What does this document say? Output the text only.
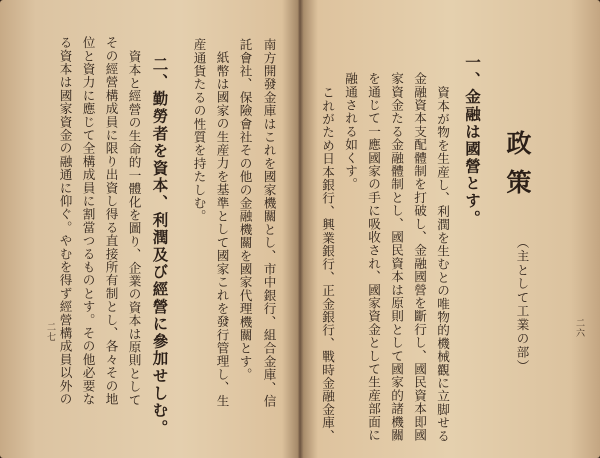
二六
政策
（主として工業の部）
一、金融は國營とす。
資本が物を生産し、利潤を生むとの唯物的機械觀に立脚せる
金融資本支配體制を打破し、金融國營を斷行し、國民資本即國
家資金たる金融體制とし、國民資本は原則として國家的諸機關
を通じて一應國家の手に吸收され、國家資金として生産部面に
融通される如くす。
これがため日本銀行、興業銀行、正金銀行、戰時金融金庫、
二七	南方開發金庫はこれを國家機關とし、市中銀行、組合金庫、信
託會社、保險會社その他の金融機關を國家代理機關とす。
紙幣は國家の生産力を基準として國家これを發行管理し、生
産通貨たるの性質を持たしむ。
二、勤勞者を資本、利潤及び經營に參加せしむ。
資本と經營の生命的一體化を圖り、企業の資本は原則として
その經營構成員に限り出資し得る直接所有制とし、各々その地
位と資力に應じて全構成員に割當つるものとす。その他必要な
る資本は國家資金の融通に仰ぐ。やむを得ず經營構成員以外の
